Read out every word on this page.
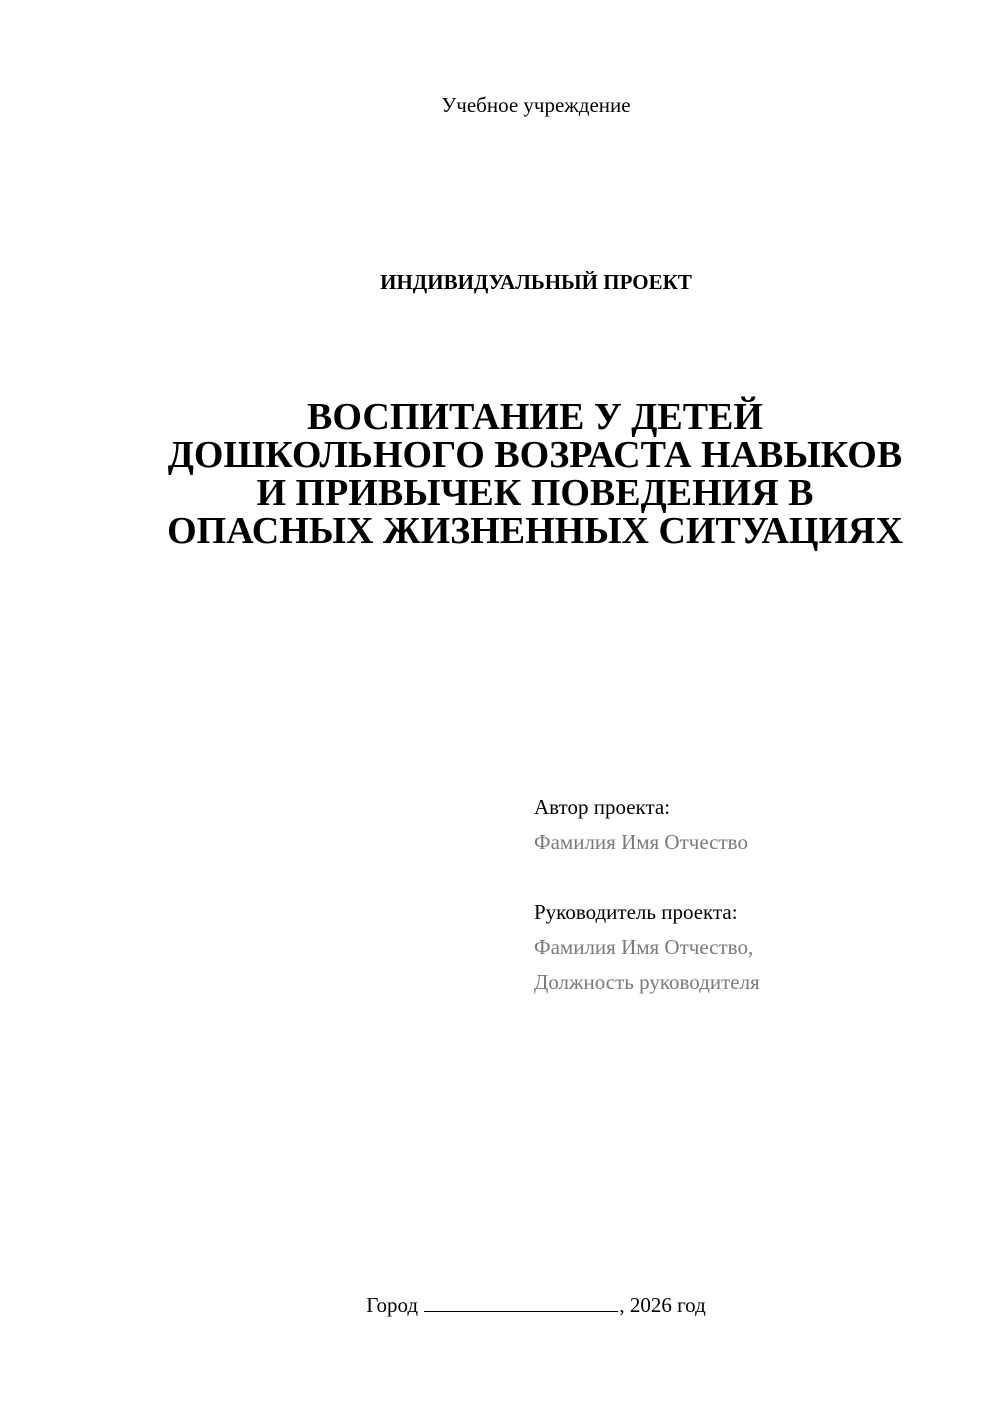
Учебное учреждение
ИНДИВИДУАЛЬНЫЙ ПРОЕКТ
ВОСПИТАНИЕ У ДЕТЕЙ
ДОШКОЛЬНОГО ВОЗРАСТА НАВЫКОВ
И ПРИВЫЧЕК ПОВЕДЕНИЯ В
ОПАСНЫХ ЖИЗНЕННЫХ СИТУАЦИЯХ
Автор проекта:
Фамилия Имя Отчество
Руководитель проекта:
Фамилия Имя Отчество,
Должность руководителя
Город	, 2026 год
